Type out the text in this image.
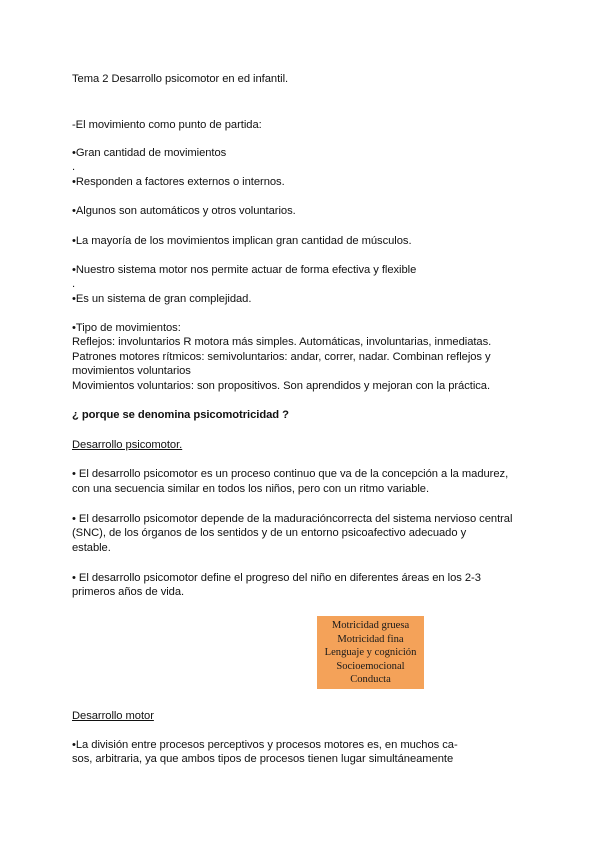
Tema 2 Desarrollo psicomotor en ed infantil.
-El movimiento como punto de partida:
•Gran cantidad de movimientos
.
•Responden a factores externos o internos.
•Algunos son automáticos y otros voluntarios.
•La mayoría de los movimientos implican gran cantidad de músculos.
•Nuestro sistema motor nos permite actuar de forma efectiva y flexible
.
•Es un sistema de gran complejidad.
•Tipo de movimientos:
Reflejos: involuntarios R motora más simples. Automáticas, involuntarias, inmediatas.
Patrones motores rítmicos: semivoluntarios: andar, correr, nadar. Combinan reflejos y
movimientos voluntarios
Movimientos voluntarios: son propositivos. Son aprendidos y mejoran con la práctica.
¿ porque se denomina psicomotricidad ?
Desarrollo psicomotor.
• El desarrollo psicomotor es un proceso continuo que va de la concepción a la madurez,
con una secuencia similar en todos los niños, pero con un ritmo variable.
• El desarrollo psicomotor depende de la maduracióncorrecta del sistema nervioso central
(SNC), de los órganos de los sentidos y de un entorno psicoafectivo adecuado y
estable.
• El desarrollo psicomotor define el progreso del niño en diferentes áreas en los 2-3
primeros años de vida.
Motricidad gruesa
Motricidad fina
Lenguaje y cognición
Socioemocional
Conducta
Desarrollo motor
•La división entre procesos perceptivos y procesos motores es, en muchos ca-
sos, arbitraria, ya que ambos tipos de procesos tienen lugar simultáneamente
